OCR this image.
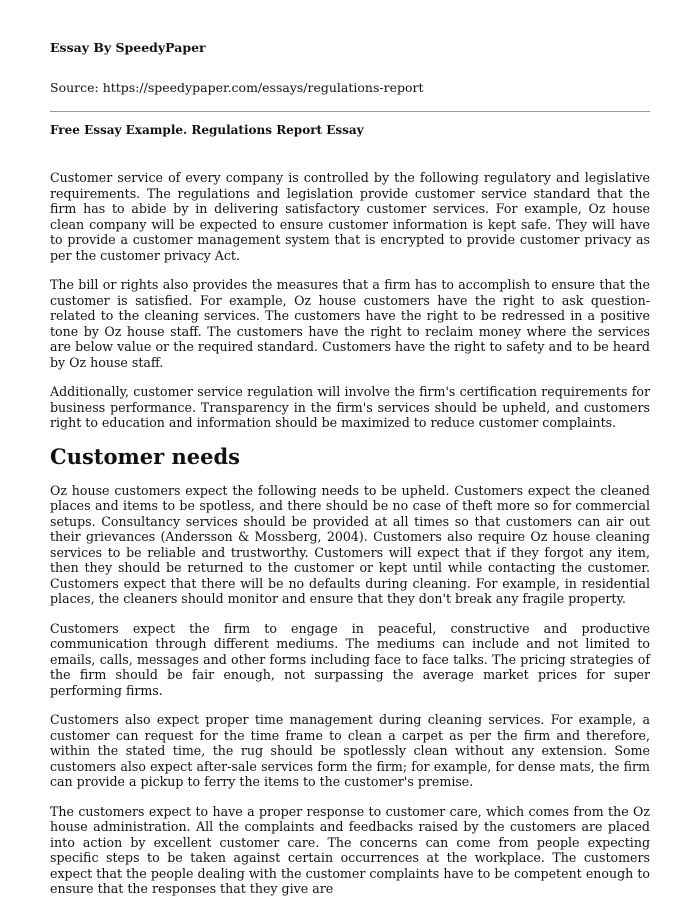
Essay By SpeedyPaper

Source: https://speedypaper.com/essays/regulations-report

Free Essay Example. Regulations Report Essay

Customer service of every company is controlled by the following regulatory and legislative requirements. The regulations and legislation provide customer service standard that the firm has to abide by in delivering satisfactory customer services. For example, Oz house clean company will be expected to ensure customer information is kept safe. They will have to provide a customer management system that is encrypted to provide customer privacy as per the customer privacy Act.

The bill or rights also provides the measures that a firm has to accomplish to ensure that the customer is satisfied. For example, Oz house customers have the right to ask question-related to the cleaning services. The customers have the right to be redressed in a positive tone by Oz house staff. The customers have the right to reclaim money where the services are below value or the required standard. Customers have the right to safety and to be heard by Oz house staff.

Additionally, customer service regulation will involve the firm's certification requirements for business performance. Transparency in the firm's services should be upheld, and customers right to education and information should be maximized to reduce customer complaints.

Customer needs

Oz house customers expect the following needs to be upheld. Customers expect the cleaned places and items to be spotless, and there should be no case of theft more so for commercial setups. Consultancy services should be provided at all times so that customers can air out their grievances (Andersson & Mossberg, 2004). Customers also require Oz house cleaning services to be reliable and trustworthy. Customers will expect that if they forgot any item, then they should be returned to the customer or kept until while contacting the customer. Customers expect that there will be no defaults during cleaning. For example, in residential places, the cleaners should monitor and ensure that they don't break any fragile property.

Customers expect the firm to engage in peaceful, constructive and productive communication through different mediums. The mediums can include and not limited to emails, calls, messages and other forms including face to face talks. The pricing strategies of the firm should be fair enough, not surpassing the average market prices for super performing firms.

Customers also expect proper time management during cleaning services. For example, a customer can request for the time frame to clean a carpet as per the firm and therefore, within the stated time, the rug should be spotlessly clean without any extension. Some customers also expect after-sale services form the firm; for example, for dense mats, the firm can provide a pickup to ferry the items to the customer's premise.

The customers expect to have a proper response to customer care, which comes from the Oz house administration. All the complaints and feedbacks raised by the customers are placed into action by excellent customer care. The concerns can come from people expecting specific steps to be taken against certain occurrences at the workplace. The customers expect that the people dealing with the customer complaints have to be competent enough to ensure that the responses that they give are
